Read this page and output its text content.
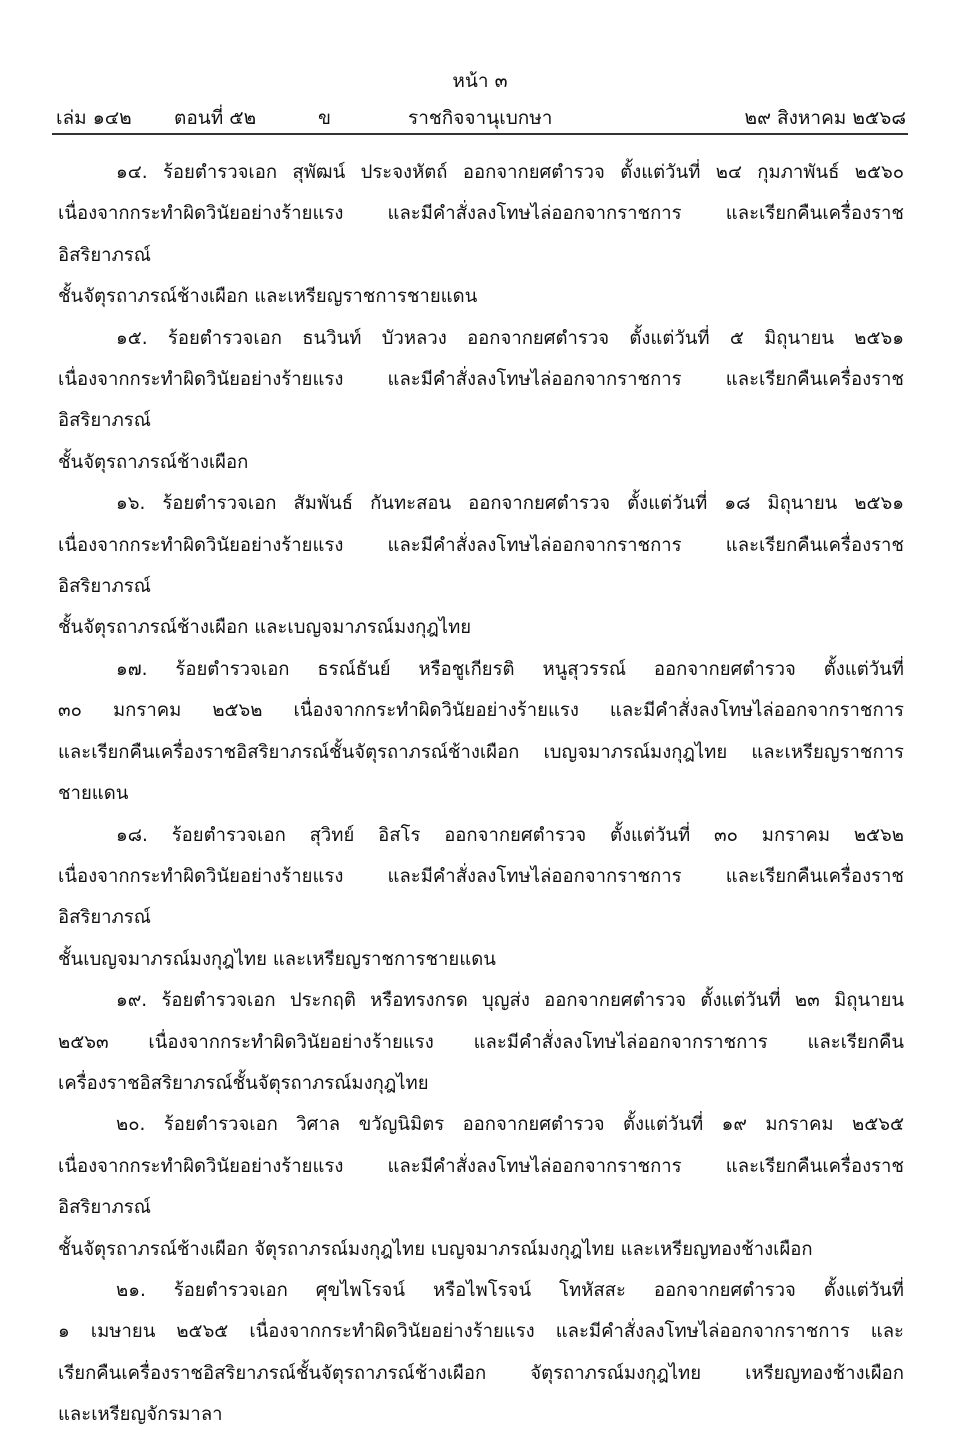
หน้า ๓
เล่ม ๑๔๒ ตอนที่ ๕๒	ข	ราชกิจจานุเบกษา	๒๙ สิงหาคม ๒๕๖๘
๑๔. ร้อยตำรวจเอก สุพัฒน์ ประจงหัตถ์ ออกจากยศตำรวจ ตั้งแต่วันที่ ๒๔ กุมภาพันธ์ ๒๕๖๐
เนื่องจากกระทำผิดวินัยอย่างร้ายแรง และมีคำสั่งลงโทษไล่ออกจากราชการ และเรียกคืนเครื่องราชอิสริยาภรณ์
ชั้นจัตุรถาภรณ์ช้างเผือก และเหรียญราชการชายแดน
๑๕. ร้อยตำรวจเอก ธนวินท์ บัวหลวง ออกจากยศตำรวจ ตั้งแต่วันที่ ๕ มิถุนายน ๒๕๖๑
เนื่องจากกระทำผิดวินัยอย่างร้ายแรง และมีคำสั่งลงโทษไล่ออกจากราชการ และเรียกคืนเครื่องราชอิสริยาภรณ์
ชั้นจัตุรถาภรณ์ช้างเผือก
๑๖. ร้อยตำรวจเอก สัมพันธ์ กันทะสอน ออกจากยศตำรวจ ตั้งแต่วันที่ ๑๘ มิถุนายน ๒๕๖๑
เนื่องจากกระทำผิดวินัยอย่างร้ายแรง และมีคำสั่งลงโทษไล่ออกจากราชการ และเรียกคืนเครื่องราชอิสริยาภรณ์
ชั้นจัตุรถาภรณ์ช้างเผือก และเบญจมาภรณ์มงกุฎไทย
๑๗. ร้อยตำรวจเอก ธรณ์ธันย์ หรือชูเกียรติ หนูสุวรรณ์ ออกจากยศตำรวจ ตั้งแต่วันที่
๓๐ มกราคม ๒๕๖๒ เนื่องจากกระทำผิดวินัยอย่างร้ายแรง และมีคำสั่งลงโทษไล่ออกจากราชการ
และเรียกคืนเครื่องราชอิสริยาภรณ์ชั้นจัตุรถาภรณ์ช้างเผือก เบญจมาภรณ์มงกุฎไทย และเหรียญราชการ
ชายแดน
๑๘. ร้อยตำรวจเอก สุวิทย์ อิสโร ออกจากยศตำรวจ ตั้งแต่วันที่ ๓๐ มกราคม ๒๕๖๒
เนื่องจากกระทำผิดวินัยอย่างร้ายแรง และมีคำสั่งลงโทษไล่ออกจากราชการ และเรียกคืนเครื่องราชอิสริยาภรณ์
ชั้นเบญจมาภรณ์มงกุฎไทย และเหรียญราชการชายแดน
๑๙. ร้อยตำรวจเอก ประกฤติ หรือทรงกรด บุญส่ง ออกจากยศตำรวจ ตั้งแต่วันที่ ๒๓ มิถุนายน
๒๕๖๓ เนื่องจากกระทำผิดวินัยอย่างร้ายแรง และมีคำสั่งลงโทษไล่ออกจากราชการ และเรียกคืน
เครื่องราชอิสริยาภรณ์ชั้นจัตุรถาภรณ์มงกุฎไทย
๒๐. ร้อยตำรวจเอก วิศาล ขวัญนิมิตร ออกจากยศตำรวจ ตั้งแต่วันที่ ๑๙ มกราคม ๒๕๖๕
เนื่องจากกระทำผิดวินัยอย่างร้ายแรง และมีคำสั่งลงโทษไล่ออกจากราชการ และเรียกคืนเครื่องราชอิสริยาภรณ์
ชั้นจัตุรถาภรณ์ช้างเผือก จัตุรถาภรณ์มงกุฎไทย เบญจมาภรณ์มงกุฎไทย และเหรียญทองช้างเผือก
๒๑. ร้อยตำรวจเอก ศุขไพโรจน์ หรือไพโรจน์ โทหัสสะ ออกจากยศตำรวจ ตั้งแต่วันที่
๑ เมษายน ๒๕๖๕ เนื่องจากกระทำผิดวินัยอย่างร้ายแรง และมีคำสั่งลงโทษไล่ออกจากราชการ และ
เรียกคืนเครื่องราชอิสริยาภรณ์ชั้นจัตุรถาภรณ์ช้างเผือก จัตุรถาภรณ์มงกุฎไทย เหรียญทองช้างเผือก
และเหรียญจักรมาลา
